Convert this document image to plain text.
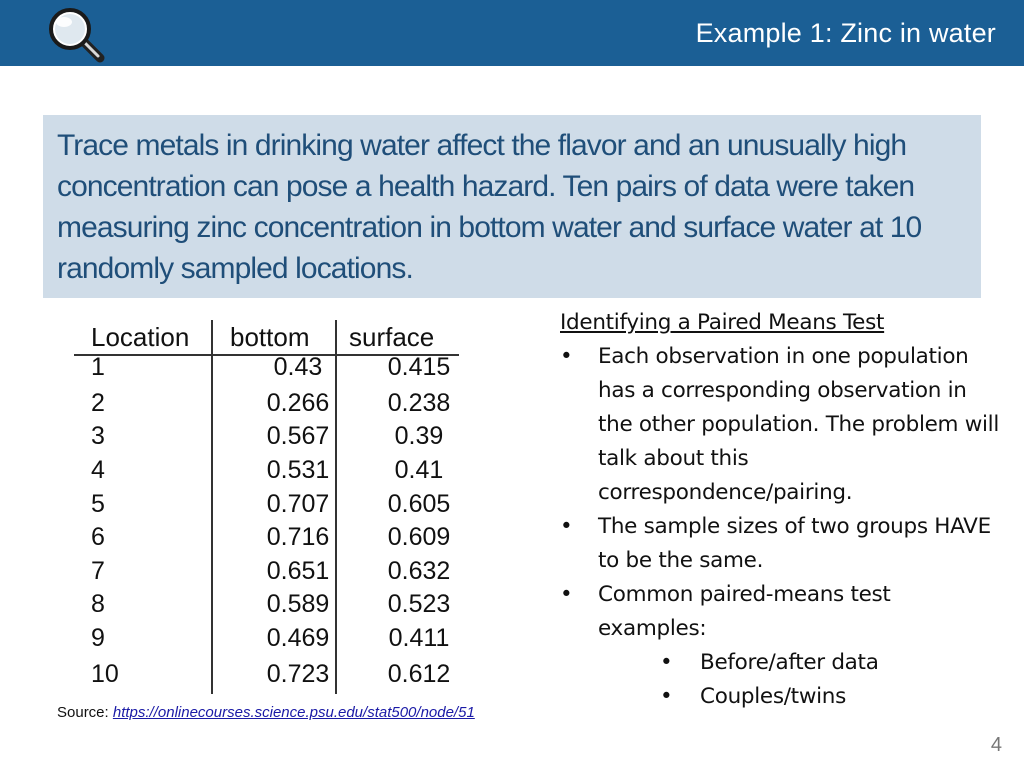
Example 1: Zinc in water
Trace metals in drinking water affect the flavor and an unusually high concentration can pose a health hazard. Ten pairs of data were taken measuring zinc concentration in bottom water and surface water at 10 randomly sampled locations.
Location bottom surface
1	0.43	0.415
2	0.266	0.238
3	0.567	0.39
4	0.531	0.41
5	0.707	0.605
6	0.716	0.609
7	0.651	0.632
8	0.589	0.523
9	0.469	0.411
10	0.723	0.612
Source: https://onlinecourses.science.psu.edu/stat500/node/51

Identifying a Paired Means Test

• Each observation in one population has a corresponding observation in the other population. The problem will talk about this correspondence/pairing.
• The sample sizes of two groups HAVE to be the same.
• Common paired-means test examples:
• Before/after data
• Couples/twins
4
